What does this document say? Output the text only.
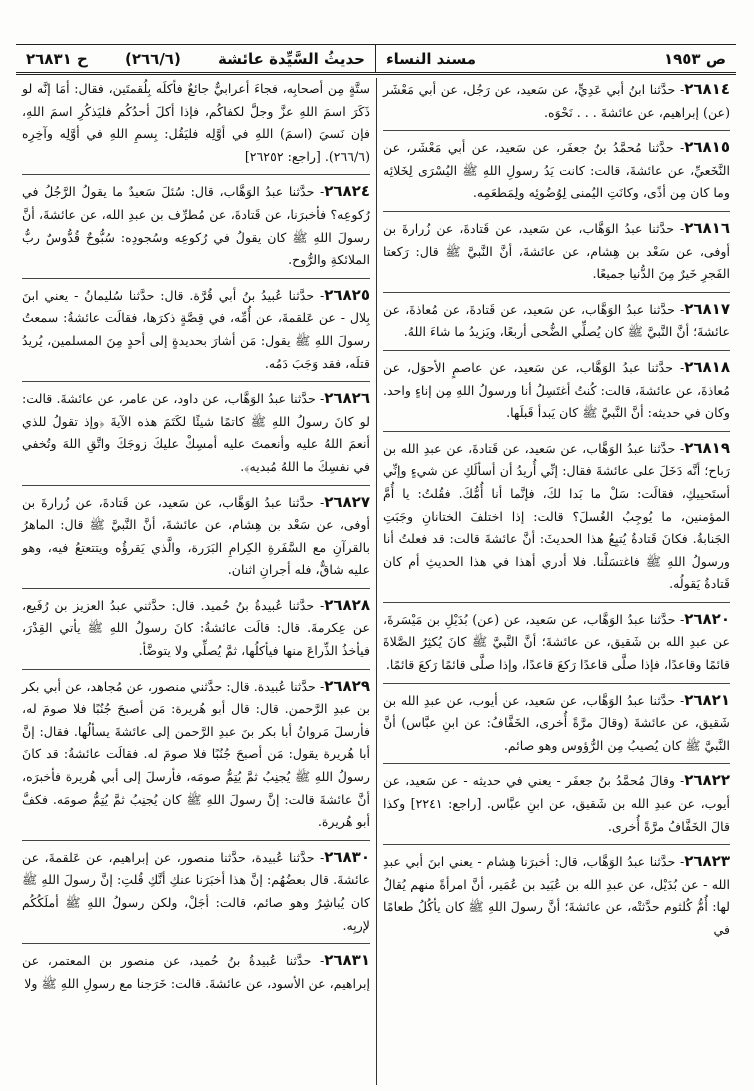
ح ٢٦٨٣١ (٢٦٦/٦) حديثُ السَّيِّدة عائشة مسند النساء	ص ١٩٥٣

٢٦٨١٤- حدَّثنا ابنُ أبي عَدِيٍّ، عن سَعيد، عن رَجُل، عن أبي مَعْشَر (عن) إبراهيم، عن عائشةَ . . . نَحْوَه.

٢٦٨١٥- حدَّثنا مُحمَّدُ بنُ جعفَر، عن سَعيد، عن أبي مَعْشَر، عن النَّخَعيِّ، عن عائشةَ، قالت: كانت يَدُ رسولِ اللهِ ﷺ اليُسْرَى لِخَلائِه وما كان مِن أذًى، وكانَتِ اليُمنى لِوُضُوئِه ولِمَطعَمِه.

٢٦٨١٦- حدَّثنا عبدُ الوَهَّاب، عن سَعيد، عن قَتادةَ، عن زُرارةَ بن أوفى، عن سَعْد بن هِشام، عن عائشةَ، أنَّ النَّبيَّ ﷺ قال: رَكعتا الفَجرِ خَيرٌ مِنَ الدُّنيا جميعًا.

٢٦٨١٧- حدَّثنا عبدُ الوَهَّاب، عن سَعيد، عن قَتادةَ، عن مُعاذةَ، عن عائشةَ؛ أنَّ النَّبيَّ ﷺ كان يُصلِّي الضُّحى أربعًا، ويَزيدُ ما شاءَ اللهُ.

٢٦٨١٨- حدَّثنا عبدُ الوَهَّاب، عن سَعيد، عن عاصمٍ الأحوَل، عن مُعاذةَ، عن عائشةَ، قالت: كُنتُ أغتَسِلُ أنا ورسولُ اللهِ مِن إناءٍ واحد. وكان في حديثه: أنَّ النَّبيَّ ﷺ كان يَبدأ قَبلَها.

٢٦٨١٩- حدَّثنا عبدُ الوَهَّاب، عن سَعيد، عن قَتادةَ، عن عبدِ الله بن رَباح؛ أنَّه دَخَلَ على عائشةَ فقال: إنِّي أُريدُ أن أسألَكِ عن شيءٍ وإنِّي أستَحييكِ، فقالَت: سَلْ ما بَدا لكَ، فإنَّما أنا أُمُّكَ. فقُلتُ: يا أُمَّ المؤمنين، ما يُوجِبُ الغُسلَ؟ قالت: إذا اختلفَ الختانانِ وجَبَتِ الجَنابةُ. فكانَ قَتادةُ يُتبِعُ هذا الحديثَ: أنَّ عائشةَ قالت: قد فعلتُ أنا ورسولُ اللهِ ﷺ فاغتسَلْنا. فلا أدري أهذا في هذا الحديثِ أم كان قَتادةُ يَقولُه.

٢٦٨٢٠- حدَّثنا عبدُ الوَهَّاب، عن سَعيد، عن (عن) بُدَيْلِ بن مَيْسَرةَ، عن عبدِ الله بن شَقيق، عن عائشةَ؛ أنَّ النَّبيَّ ﷺ كانَ يُكثِرُ الصَّلاةَ قائمًا وقاعدًا، فإذا صلَّى قاعدًا رَكعَ قاعدًا، وإذا صلَّى قائمًا رَكعَ قائمًا.

٢٦٨٢١- حدَّثنا عبدُ الوَهَّاب، عن سَعيد، عن أيوب، عن عبدِ الله بن شَقيق، عن عائشةَ (وقالَ مرَّةً أُخرى، الخَفَّافُ: عن ابنِ عبَّاس) أنَّ النَّبيَّ ﷺ كان يُصيبُ مِن الرُّؤوس وهو صائم.

٢٦٨٢٢- وقالَ مُحمَّدُ بنُ جعفَر - يعني في حديثه - عن سَعيد، عن أيوب، عن عبدِ الله بن شَقيق، عن ابنِ عبَّاس. [راجع: ٢٢٤١] وكذا قالَ الخَفَّافُ مرَّةً أُخرى.

٢٦٨٢٣- حدَّثنا عبدُ الوَهَّاب، قال: أخبرَنا هِشام - يعني ابنَ أبي عبدِ الله - عن بُدَيْل، عن عبدِ الله بن عُبَيد بن عُمَير، أنَّ امرأةً منهم يُقالُ لها: أُمُّ كُلثوم حدَّثتْه، عن عائشةَ؛ أنَّ رسولَ اللهِ ﷺ كان يأكُلُ طعامًا في

ستَّةٍ مِن أصحابِه، فجاءَ أعرابيٌّ جائعٌ فأكلَه بِلُقمتَين، فقال: أمَا إنَّه لو ذَكَرَ اسمَ اللهِ عزَّ وجلَّ لكفاكُم، فإذا أكلَ أحدُكُم فليَذكُرِ اسمَ اللهِ، فإن نَسيَ (اسمَ) اللهِ في أوَّلِه فليَقُل: بِسمِ اللهِ في أوَّلِه وآخِرِه (٢٦٦/٦). [راجع: ٢٦٢٥٢]

٢٦٨٢٤- حدَّثنا عبدُ الوَهَّاب، قال: سُئلَ سَعيدٌ ما يقولُ الرَّجُلُ في رُكوعِه؟ فأخبرَنا، عن قَتادةَ، عن مُطرِّف بن عبدِ الله، عن عائشةَ، أنَّ رسولَ اللهِ ﷺ كان يقولُ في رُكوعِه وسُجودِه: سُبُّوحٌ قُدُّوسٌ ربُّ الملائكةِ والرُّوح.

٢٦٨٢٥- حدَّثنا عُبيدُ بنُ أبي قُرَّة. قال: حدَّثنا سُليمانُ - يعني ابنَ بِلال - عن عَلقمةَ، عن أُمِّه، في قِصَّةٍ ذكرَها، فقالَت عائشةُ: سمعتُ رسولَ اللهِ ﷺ يقول: مَن أشارَ بحديدةٍ إلى أحدٍ مِنَ المسلمين، يُريدُ قتلَه، فقد وَجَبَ دَمُه.

٢٦٨٢٦- حدَّثنا عبدُ الوَهَّاب، عن داود، عن عامر، عن عائشةَ. قالت: لو كانَ رسولُ اللهِ ﷺ كاتمًا شيئًا لكَتَمَ هذه الآيةَ ﴿وإذ تقولُ للذي أنعمَ اللهُ عليه وأنعمتَ عليه أمسِكْ عليكَ زوجَكَ واتَّقِ اللهَ وتُخفي في نفسِكَ ما اللهُ مُبديه﴾.

٢٦٨٢٧- حدَّثنا عبدُ الوَهَّاب، عن سَعيد، عن قَتادةَ، عن زُرارةَ بن أوفى، عن سَعْد بن هِشام، عن عائشةَ، أنَّ النَّبيَّ ﷺ قال: الماهرُ بالقرآنِ مع السَّفَرةِ الكِرامِ البَرَرة، والَّذي يَقرؤُه ويتتعتعُ فيه، وهو عليه شاقٌّ، فله أجرانِ اثنان.

٢٦٨٢٨- حدَّثنا عُبيدةُ بنُ حُميد. قال: حدَّثني عبدُ العزيز بن رُفَيع، عن عِكرمةَ. قال: قالَت عائشةُ: كانَ رسولُ اللهِ ﷺ يأتي القِدْرَ، فيأخذُ الذِّراعَ منها فيأكلُها، ثمَّ يُصلِّي ولا يتوضَّأ.

٢٦٨٢٩- حدَّثنا عُبيدة. قال: حدَّثني منصور، عن مُجاهد، عن أبي بكر بن عبدِ الرَّحمن. قال: قال أبو هُريرة: مَن أصبحَ جُنُبًا فلا صومَ له، فأرسلَ مَروانُ أبا بكر بنَ عبدِ الرَّحمن إلى عائشةَ يسألُها. فقال: إنَّ أبا هُريرة يقول: مَن أصبحَ جُنُبًا فلا صومَ له. فقالَت عائشةُ: قد كانَ رسولُ اللهِ ﷺ يُجنِبُ ثمَّ يُتِمُّ صومَه، فأرسلَ إلى أبي هُريرة فأخبرَه، أنَّ عائشةَ قالت: إنَّ رسولَ اللهِ ﷺ كان يُجنِبُ ثمَّ يُتِمُّ صومَه. فكفَّ أبو هُريرة.

٢٦٨٣٠- حدَّثنا عُبيدة، حدَّثنا منصور، عن إبراهيم، عن عَلقمةَ، عن عائشةَ. قال بعضُهُم: إنَّ هذا أخبَرَنا عنكِ أنَّكِ قُلتِ: إنَّ رسولَ اللهِ ﷺ كان يُباشِرُ وهو صائم، قالت: أجَلْ، ولكن رسولُ اللهِ ﷺ أملَكُكُم لإربِه.

٢٦٨٣١- حدَّثنا عُبيدةُ بنُ حُميد، عن منصور بن المعتمر، عن إبراهيم، عن الأسود، عن عائشةَ. قالت: خَرَجنا مع رسولِ اللهِ ﷺ ولا
